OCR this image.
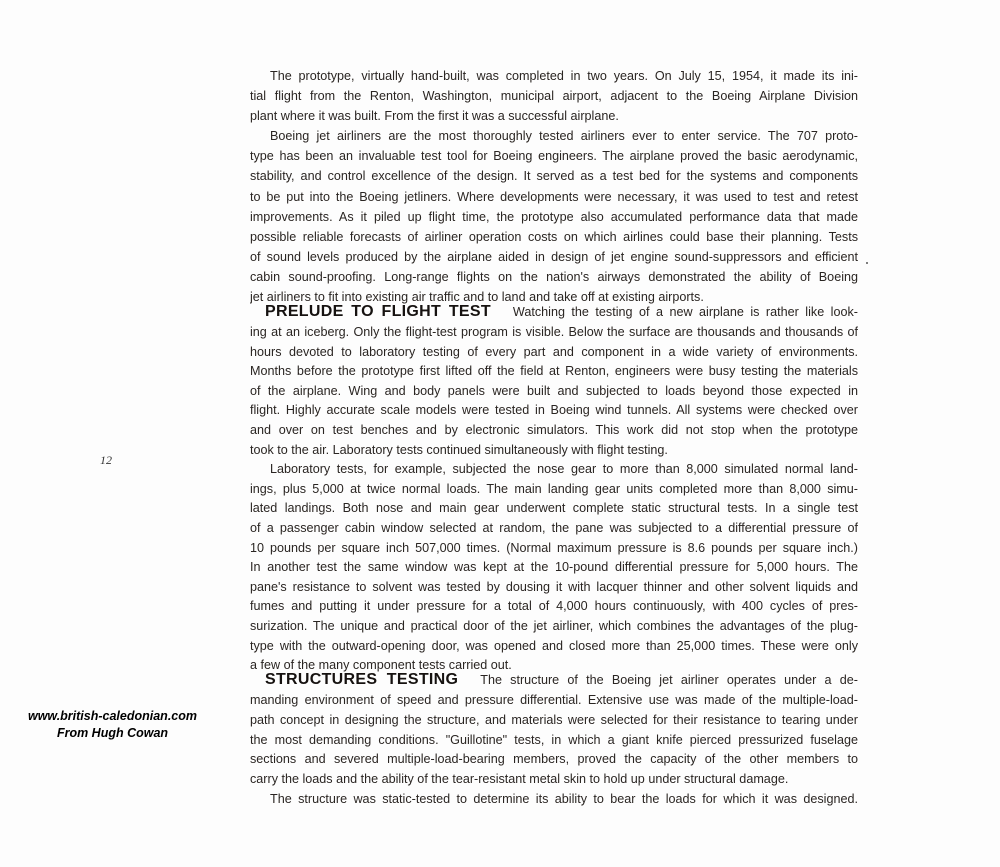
The prototype, virtually hand-built, was completed in two years. On July 15, 1954, it made its ini-
tial flight from the Renton, Washington, municipal airport, adjacent to the Boeing Airplane Division
plant where it was built. From the first it was a successful airplane.
Boeing jet airliners are the most thoroughly tested airliners ever to enter service. The 707 proto-
type has been an invaluable test tool for Boeing engineers. The airplane proved the basic aerodynamic,
stability, and control excellence of the design. It served as a test bed for the systems and components
to be put into the Boeing jetliners. Where developments were necessary, it was used to test and retest
improvements. As it piled up flight time, the prototype also accumulated performance data that made
possible reliable forecasts of airliner operation costs on which airlines could base their planning. Tests
of sound levels produced by the airplane aided in design of jet engine sound-suppressors and efficient
cabin sound-proofing. Long-range flights on the nation's airways demonstrated the ability of Boeing
jet airliners to fit into existing air traffic and to land and take off at existing airports.
PRELUDE TO FLIGHT TEST Watching the testing of a new airplane is rather like look-
ing at an iceberg. Only the flight-test program is visible. Below the surface are thousands and thousands of
hours devoted to laboratory testing of every part and component in a wide variety of environments.
Months before the prototype first lifted off the field at Renton, engineers were busy testing the materials
of the airplane. Wing and body panels were built and subjected to loads beyond those expected in
flight. Highly accurate scale models were tested in Boeing wind tunnels. All systems were checked over
and over on test benches and by electronic simulators. This work did not stop when the prototype
took to the air. Laboratory tests continued simultaneously with flight testing.
Laboratory tests, for example, subjected the nose gear to more than 8,000 simulated normal land-
ings, plus 5,000 at twice normal loads. The main landing gear units completed more than 8,000 simu-
lated landings. Both nose and main gear underwent complete static structural tests. In a single test
of a passenger cabin window selected at random, the pane was subjected to a differential pressure of
10 pounds per square inch 507,000 times. (Normal maximum pressure is 8.6 pounds per square inch.)
In another test the same window was kept at the 10-pound differential pressure for 5,000 hours. The
pane's resistance to solvent was tested by dousing it with lacquer thinner and other solvent liquids and
fumes and putting it under pressure for a total of 4,000 hours continuously, with 400 cycles of pres-
surization. The unique and practical door of the jet airliner, which combines the advantages of the plug-
type with the outward-opening door, was opened and closed more than 25,000 times. These were only
a few of the many component tests carried out.
STRUCTURES TESTING The structure of the Boeing jet airliner operates under a de-
manding environment of speed and pressure differential. Extensive use was made of the multiple-load-
path concept in designing the structure, and materials were selected for their resistance to tearing under
the most demanding conditions. "Guillotine" tests, in which a giant knife pierced pressurized fuselage
sections and severed multiple-load-bearing members, proved the capacity of the other members to
carry the loads and the ability of the tear-resistant metal skin to hold up under structural damage.
The structure was static-tested to determine its ability to bear the loads for which it was designed.
12
www.british-caledonian.com
From Hugh Cowan
